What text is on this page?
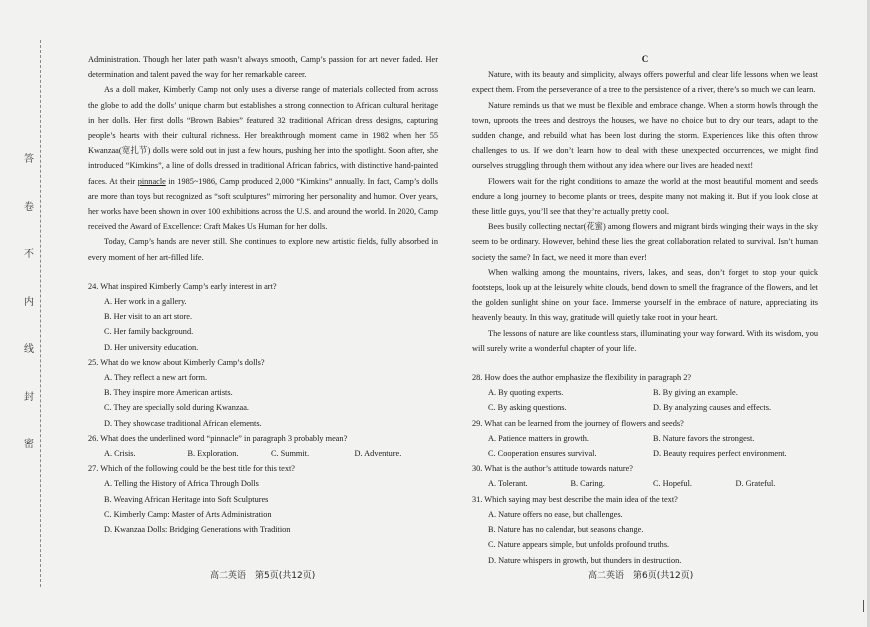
答
卷
不
内
线
封
密

Administration. Though her later path wasn’t always smooth, Camp’s passion for art never faded. Her determination and talent paved the way for her remarkable career.

As a doll maker, Kimberly Camp not only uses a diverse range of materials collected from across the globe to add the dolls’ unique charm but establishes a strong connection to African cultural heritage in her dolls. Her first dolls “Brown Babies” featured 32 traditional African dress designs, capturing people’s hearts with their cultural richness. Her breakthrough moment came in 1982 when her 55 Kwanzaa(宽扎节) dolls were sold out in just a few hours, pushing her into the spotlight. Soon after, she introduced “Kimkins”, a line of dolls dressed in traditional African fabrics, with distinctive hand-painted faces. At their pinnacle in 1985~1986, Camp produced 2,000 “Kimkins” annually. In fact, Camp’s dolls are more than toys but recognized as “soft sculptures” mirroring her personality and humor. Over years, her works have been shown in over 100 exhibitions across the U.S. and around the world. In 2020, Camp received the Award of Excellence: Craft Makes Us Human for her dolls.

Today, Camp’s hands are never still. She continues to explore new artistic fields, fully absorbed in every moment of her art-filled life.

24. What inspired Kimberly Camp’s early interest in art?

A. Her work in a gallery.

B. Her visit to an art store.

C. Her family background.

D. Her university education.

25. What do we know about Kimberly Camp’s dolls?

A. They reflect a new art form.

B. They inspire more American artists.

C. They are specially sold during Kwanzaa.

D. They showcase traditional African elements.

26. What does the underlined word “pinnacle” in paragraph 3 probably mean?

A. Crisis.	B. Exploration.	C. Summit.	D. Adventure.

27. Which of the following could be the best title for this text?

A. Telling the History of Africa Through Dolls

B. Weaving African Heritage into Soft Sculptures

C. Kimberly Camp: Master of Arts Administration

D. Kwanzaa Dolls: Bridging Generations with Tradition

C

Nature, with its beauty and simplicity, always offers powerful and clear life lessons when we least expect them. From the perseverance of a tree to the persistence of a river, there’s so much we can learn.

Nature reminds us that we must be flexible and embrace change. When a storm howls through the town, uproots the trees and destroys the houses, we have no choice but to dry our tears, adapt to the sudden change, and rebuild what has been lost during the storm. Experiences like this often throw challenges to us. If we don’t learn how to deal with these unexpected occurrences, we might find ourselves struggling through them without any idea where our lives are headed next!

Flowers wait for the right conditions to amaze the world at the most beautiful moment and seeds endure a long journey to become plants or trees, despite many not making it. But if you look close at these little guys, you’ll see that they’re actually pretty cool.

Bees busily collecting nectar(花蜜) among flowers and migrant birds winging their ways in the sky seem to be ordinary. However, behind these lies the great collaboration related to survival. Isn’t human society the same? In fact, we need it more than ever!

When walking among the mountains, rivers, lakes, and seas, don’t forget to stop your quick footsteps, look up at the leisurely white clouds, bend down to smell the fragrance of the flowers, and let the golden sunlight shine on your face. Immerse yourself in the embrace of nature, appreciating its heavenly beauty. In this way, gratitude will quietly take root in your heart.

The lessons of nature are like countless stars, illuminating your way forward. With its wisdom, you will surely write a wonderful chapter of your life.

28. How does the author emphasize the flexibility in paragraph 2?

A. By quoting experts.	B. By giving an example.
C. By asking questions.	D. By analyzing causes and effects.

29. What can be learned from the journey of flowers and seeds?

A. Patience matters in growth.	B. Nature favors the strongest.
C. Cooperation ensures survival.	D. Beauty requires perfect environment.

30. What is the author’s attitude towards nature?

A. Tolerant.	B. Caring.	C. Hopeful.	D. Grateful.

31. Which saying may best describe the main idea of the text?

A. Nature offers no ease, but challenges.

B. Nature has no calendar, but seasons change.

C. Nature appears simple, but unfolds profound truths.

D. Nature whispers in growth, but thunders in destruction.

高二英语　第5页(共12页)	高二英语　第6页(共12页)
